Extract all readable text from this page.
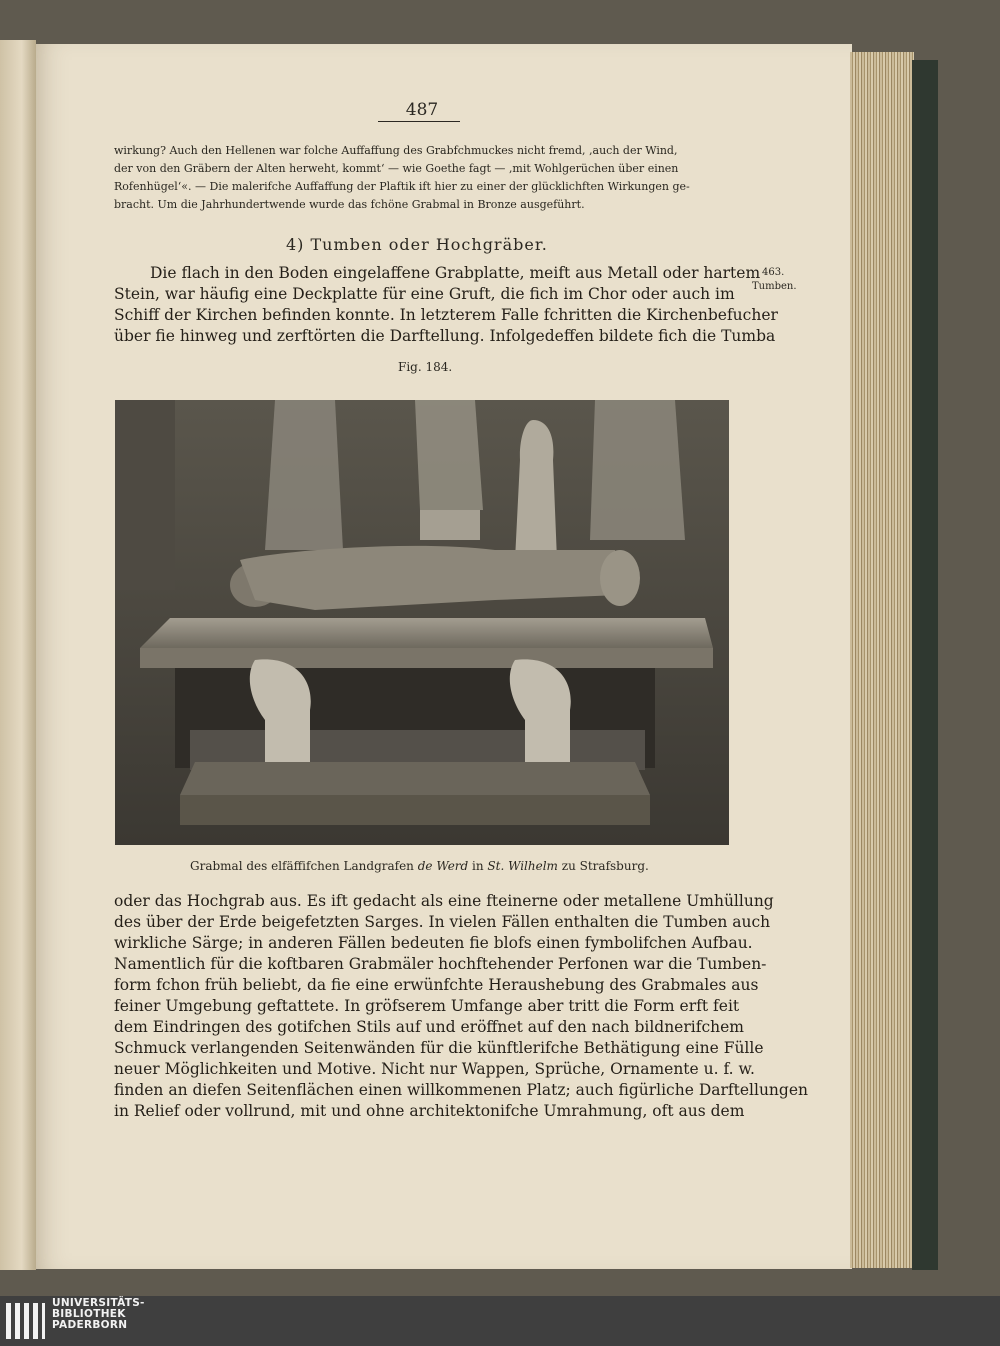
487
wirkung? Auch den Hellenen war folche Auffaffung des Grabfchmuckes nicht fremd, ‚auch der Wind,
der von den Gräbern der Alten herweht, kommt‘ — wie Goethe fagt — ‚mit Wohlgerüchen über einen
Rofenhügel‘«. — Die malerifche Auffaffung der Plaftik ift hier zu einer der glücklichften Wirkungen ge-
bracht. Um die Jahrhundertwende wurde das fchöne Grabmal in Bronze ausgeführt.
4) Tumben oder Hochgräber.
463.
Tumben.
Die flach in den Boden eingelaffene Grabplatte, meift aus Metall oder hartem
Stein, war häufig eine Deckplatte für eine Gruft, die fich im Chor oder auch im
Schiff der Kirchen befinden konnte. In letzterem Falle fchritten die Kirchenbefucher
über fie hinweg und zerftörten die Darftellung. Infolgedeffen bildete fich die Tumba
Fig. 184.
Grabmal des elfäffifchen Landgrafen de Werd in St. Wilhelm zu Strafsburg.
oder das Hochgrab aus. Es ift gedacht als eine fteinerne oder metallene Umhüllung
des über der Erde beigefetzten Sarges. In vielen Fällen enthalten die Tumben auch
wirkliche Särge; in anderen Fällen bedeuten fie blofs einen fymbolifchen Aufbau.
Namentlich für die koftbaren Grabmäler hochftehender Perfonen war die Tumben-
form fchon früh beliebt, da fie eine erwünfchte Heraushebung des Grabmales aus
feiner Umgebung geftattete. In gröfserem Umfange aber tritt die Form erft feit
dem Eindringen des gotifchen Stils auf und eröffnet auf den nach bildnerifchem
Schmuck verlangenden Seitenwänden für die künftlerifche Bethätigung eine Fülle
neuer Möglichkeiten und Motive. Nicht nur Wappen, Sprüche, Ornamente u. f. w.
finden an diefen Seitenflächen einen willkommenen Platz; auch figürliche Darftellungen
in Relief oder vollrund, mit und ohne architektonifche Umrahmung, oft aus dem
UNIVERSITÄTS-
BIBLIOTHEK
PADERBORN
